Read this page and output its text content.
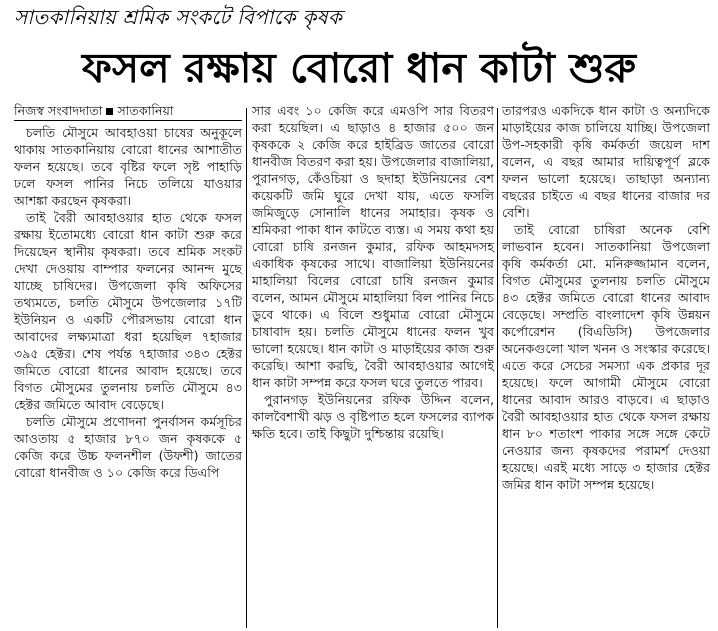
সাতকানিয়ায় শ্রমিক সংকটে বিপাকে কৃষক
ফসল রক্ষায় বোরো ধান কাটা শুরু
নিজস্ব সংবাদদাতা সাতকানিয়া

চলতি মৌসুমে আবহাওয়া চাষের অনুকূলে থাকায় সাতকানিয়ায় বোরো ধানের আশাতীত ফলন হয়েছে। তবে বৃষ্টির ফলে সৃষ্ট পাহাড়ি ঢলে ফসল পানির নিচে তলিয়ে যাওয়ার আশঙ্কা করছেন কৃষকরা।

তাই বৈরী আবহাওয়ার হাত থেকে ফসল রক্ষায় ইতোমধ্যে বোরো ধান কাটা শুরু করে দিয়েছেন স্থানীয় কৃষকরা। তবে শ্রমিক সংকট দেখা দেওয়ায় বাম্পার ফলনের আনন্দ মুছে যাচ্ছে চাষিদের। উপজেলা কৃষি অফিসের তথ্যমতে, চলতি মৌসুমে উপজেলার ১৭টি ইউনিয়ন ও একটি পৌরসভায় বোরো ধান আবাদের লক্ষ্যমাত্রা ধরা হয়েছিল ৭হাজার ৩৯৫ হেক্টর। শেষ পর্যন্ত ৭হাজার ৩৪৩ হেক্টর জমিতে বোরো ধানের আবাদ হয়েছে। তবে বিগত মৌসুমের তুলনায় চলতি মৌসুমে ৪৩ হেক্টর জমিতে আবাদ বেড়েছে।

চলতি মৌসুমে প্রণোদনা পুনর্বাসন কর্মসূচির আওতায় ৫ হাজার ৮৭০ জন কৃষককে ৫ কেজি করে উচ্চ ফলনশীল (উফশী) জাতের বোরো ধানবীজ ও ১০ কেজি করে ডিএপি

সার এবং ১০ কেজি করে এমওপি সার বিতরণ করা হয়েছিল। এ ছাড়াও ৪ হাজার ৫০০ জন কৃষককে ২ কেজি করে হাইব্রিড জাতের বোরো ধানবীজ বিতরণ করা হয়। উপজেলার বাজালিয়া, পুরানগড়, কেঁওচিয়া ও ছদাহা ইউনিয়নের বেশ কয়েকটি জমি ঘুরে দেখা যায়, এতে ফসলি জমিজুড়ে সোনালি ধানের সমাহার। কৃষক ও শ্রমিকরা পাকা ধান কাটতে ব্যস্ত। এ সময় কথা হয় বোরো চাষি রনজন কুমার, রফিক আহমদসহ একাধিক কৃষকের সাথে। বাজালিয়া ইউনিয়নের মাহালিয়া বিলের বোরো চাষি রনজন কুমার বলেন, আমন মৌসুমে মাহালিয়া বিল পানির নিচে ডুবে থাকে। এ বিলে শুধুমাত্র বোরো মৌসুমে চাষাবাদ হয়। চলতি মৌসুমে ধানের ফলন খুব ভালো হয়েছে। ধান কাটা ও মাড়াইয়ের কাজ শুরু করেছি। আশা করছি, বৈরী আবহাওয়ার আগেই ধান কাটা সম্পন্ন করে ফসল ঘরে তুলতে পারব।

পুরানগড় ইউনিয়নের রফিক উদ্দিন বলেন, কালবৈশাখী ঝড় ও বৃষ্টিপাত হলে ফসলের ব্যাপক ক্ষতি হবে। তাই কিছুটা দুশ্চিন্তায় রয়েছি।

তারপরও একদিকে ধান কাটা ও অন্যদিকে মাড়াইয়ের কাজ চালিয়ে যাচ্ছি। উপজেলা উপ-সহকারী কৃষি কর্মকর্তা জয়েল দাশ বলেন, এ বছর আমার দায়িত্বপূর্ণ ব্লকে ফলন ভালো হয়েছে। তাছাড়া অন্যান্য বছরের চাইতে এ বছর ধানের বাজার দর বেশি।

তাই বোরো চাষিরা অনেক বেশি লাভবান হবেন। সাতকানিয়া উপজেলা কৃষি কর্মকর্তা মো. মনিরুজ্জামান বলেন, বিগত মৌসুমের তুলনায় চলতি মৌসুমে ৪৩ হেক্টর জমিতে বোরো ধানের আবাদ বেড়েছে। সম্প্রতি বাংলাদেশ কৃষি উন্নয়ন কর্পোরেশন (বিএডিসি) উপজেলার অনেকগুলো খাল খনন ও সংস্কার করেছে। এতে করে সেচের সমস্যা এক প্রকার দূর হয়েছে। ফলে আগামী মৌসুমে বোরো ধানের আবাদ আরও বাড়বে। এ ছাড়াও বৈরী আবহাওয়ার হাত থেকে ফসল রক্ষায় ধান ৮০ শতাংশ পাকার সঙ্গে সঙ্গে কেটে নেওয়ার জন্য কৃষকদের পরামর্শ দেওয়া হয়েছে। এরই মধ্যে সাড়ে ৩ হাজার হেক্টর জমির ধান কাটা সম্পন্ন হয়েছে।
